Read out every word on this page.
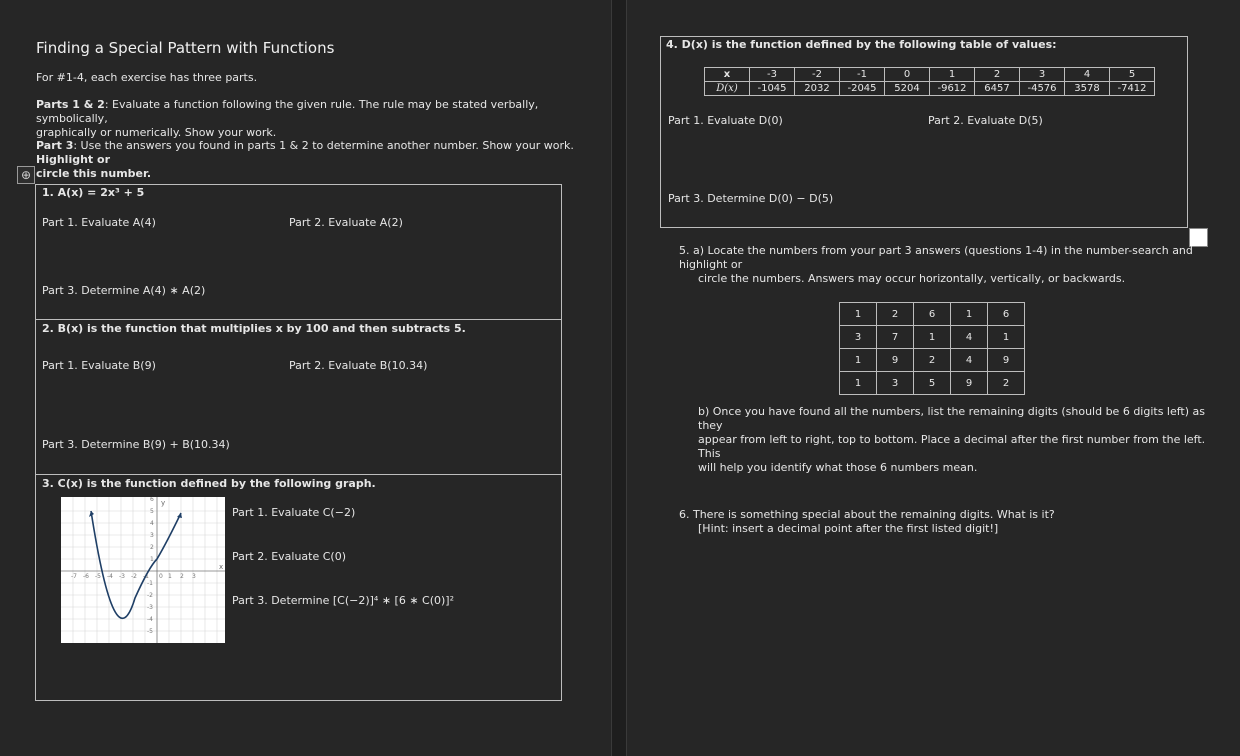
Finding a Special Pattern with Functions
For #1-4, each exercise has three parts.
Parts 1 & 2: Evaluate a function following the given rule. The rule may be stated verbally, symbolically,
graphically or numerically. Show your work.
Part 3: Use the answers you found in parts 1 & 2 to determine another number. Show your work. Highlight or
circle this number.
⊕
1. A(x) = 2x³ + 5
Part 1. Evaluate A(4)	Part 2. Evaluate A(2)
Part 3. Determine A(4) ∗ A(2)
2. B(x) is the function that multiplies x by 100 and then subtracts 5.
Part 1. Evaluate B(9)	Part 2. Evaluate B(10.34)
Part 3. Determine B(9) + B(10.34)
3. C(x) is the function defined by the following graph.
y
x
-7 -6 -5 -4 -3 -2 -1 0 1 2 3
6
5
4
3
2
1
-1
-2
-3
-4
-5
Part 1. Evaluate C(−2)
Part 2. Evaluate C(0)
Part 3. Determine [C(−2)]⁴ ∗ [6 ∗ C(0)]²
4. D(x) is the function defined by the following table of values:
x	-3	-2	-1	0	1	2	3	4	5
D(x)	-1045	2032	-2045	5204	-9612	6457	-4576	3578	-7412
Part 1. Evaluate D(0)	Part 2. Evaluate D(5)
Part 3. Determine D(0) − D(5)
5. a) Locate the numbers from your part 3 answers (questions 1-4) in the number-search and highlight or
circle the numbers. Answers may occur horizontally, vertically, or backwards.
1	2	6	1	6
3	7	1	4	1
1	9	2	4	9
1	3	5	9	2
b) Once you have found all the numbers, list the remaining digits (should be 6 digits left) as they
appear from left to right, top to bottom. Place a decimal after the first number from the left. This
will help you identify what those 6 numbers mean.
6. There is something special about the remaining digits. What is it?
[Hint: insert a decimal point after the first listed digit!]
